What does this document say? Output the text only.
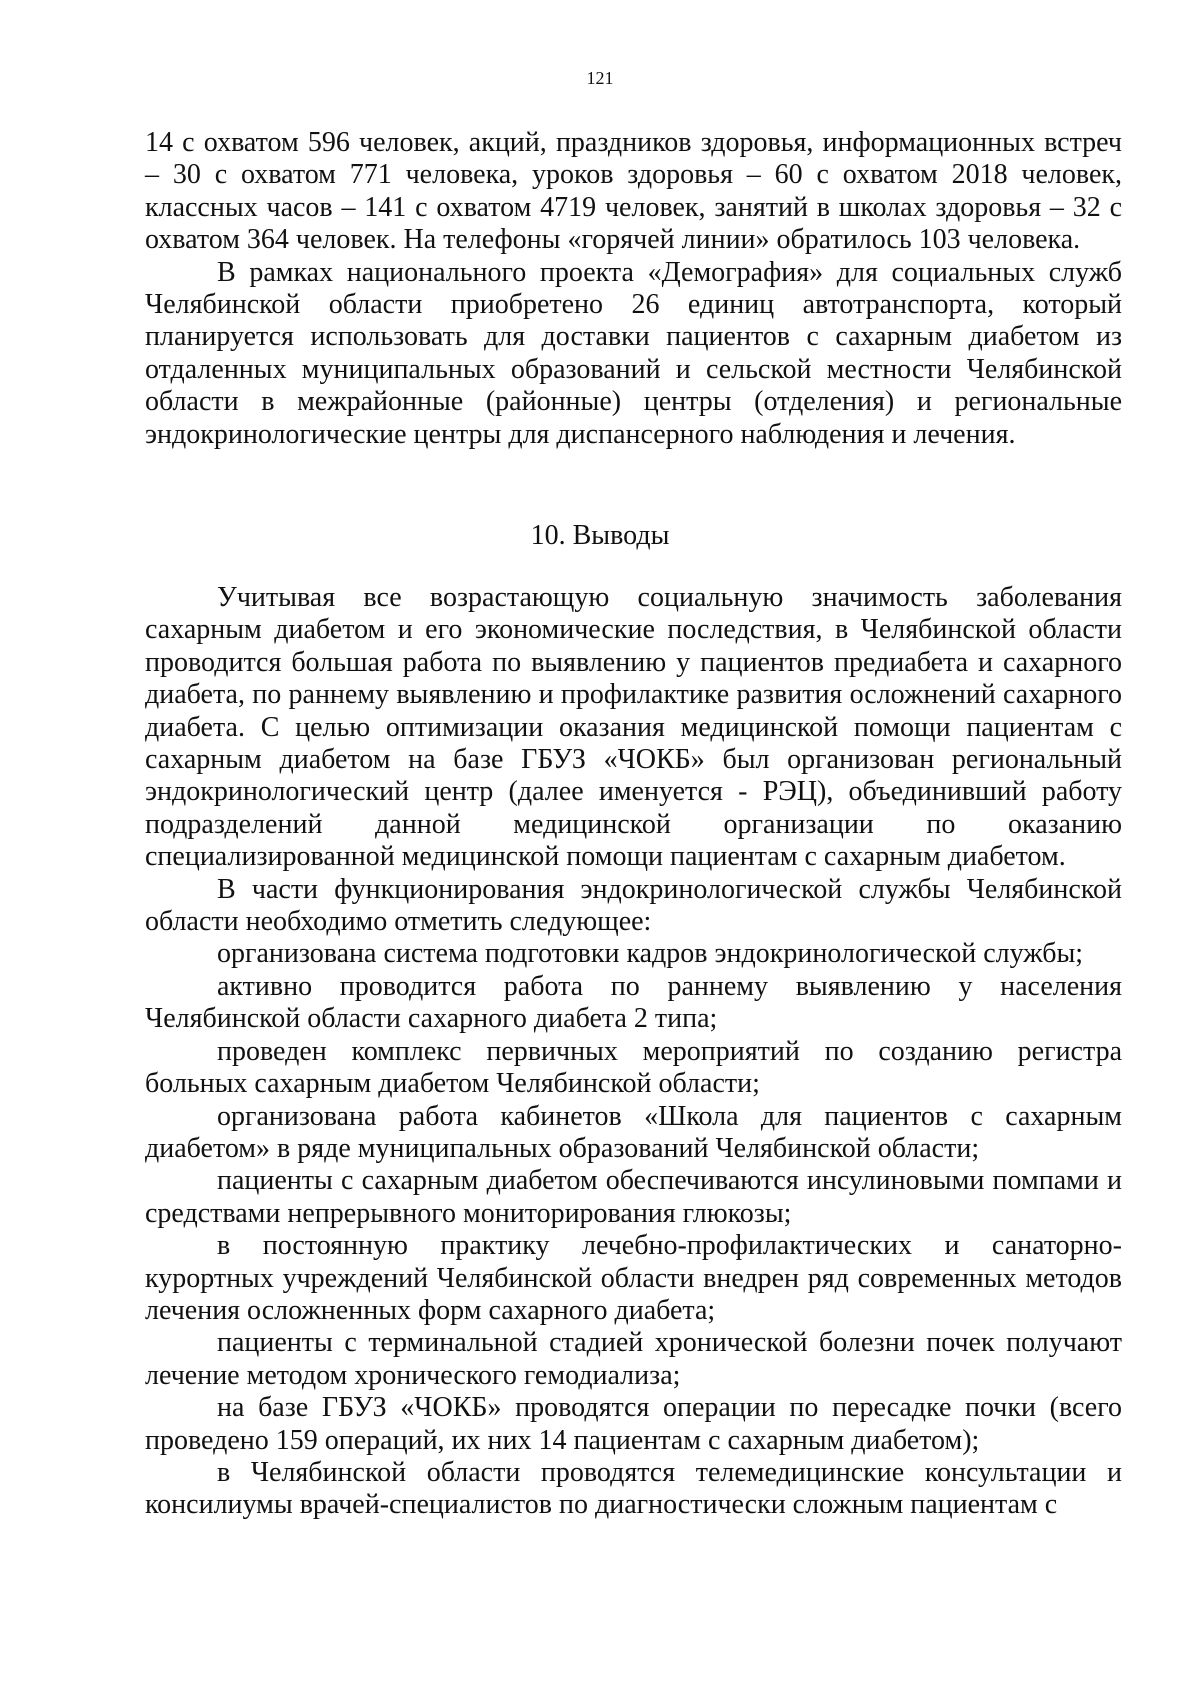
121

14 с охватом 596 человек, акций, праздников здоровья, информационных встреч – 30 с охватом 771 человека, уроков здоровья – 60 с охватом 2018 человек, классных часов – 141 с охватом 4719 человек, занятий в школах здоровья – 32 с охватом 364 человек. На телефоны «горячей линии» обратилось 103 человека.

В рамках национального проекта «Демография» для социальных служб Челябинской области приобретено 26 единиц автотранспорта, который планируется использовать для доставки пациентов с сахарным диабетом из отдаленных муниципальных образований и сельской местности Челябинской области в межрайонные (районные) центры (отделения) и региональные эндокринологические центры для диспансерного наблюдения и лечения.

10. Выводы

Учитывая все возрастающую социальную значимость заболевания сахарным диабетом и его экономические последствия, в Челябинской области проводится большая работа по выявлению у пациентов предиабета и сахарного диабета, по раннему выявлению и профилактике развития осложнений сахарного диабета. С целью оптимизации оказания медицинской помощи пациентам с сахарным диабетом на базе ГБУЗ «ЧОКБ» был организован региональный эндокринологический центр (далее именуется - РЭЦ), объединивший работу подразделений данной медицинской организации по оказанию специализированной медицинской помощи пациентам с сахарным диабетом.

В части функционирования эндокринологической службы Челябинской области необходимо отметить следующее:

организована система подготовки кадров эндокринологической службы;

активно проводится работа по раннему выявлению у населения Челябинской области сахарного диабета 2 типа;

проведен комплекс первичных мероприятий по созданию регистра больных сахарным диабетом Челябинской области;

организована работа кабинетов «Школа для пациентов с сахарным диабетом» в ряде муниципальных образований Челябинской области;

пациенты с сахарным диабетом обеспечиваются инсулиновыми помпами и средствами непрерывного мониторирования глюкозы;

в постоянную практику лечебно-профилактических и санаторно-курортных учреждений Челябинской области внедрен ряд современных методов лечения осложненных форм сахарного диабета;

пациенты с терминальной стадией хронической болезни почек получают лечение методом хронического гемодиализа;

на базе ГБУЗ «ЧОКБ» проводятся операции по пересадке почки (всего проведено 159 операций, их них 14 пациентам с сахарным диабетом);

в Челябинской области проводятся телемедицинские консультации и консилиумы врачей-специалистов по диагностически сложным пациентам с
